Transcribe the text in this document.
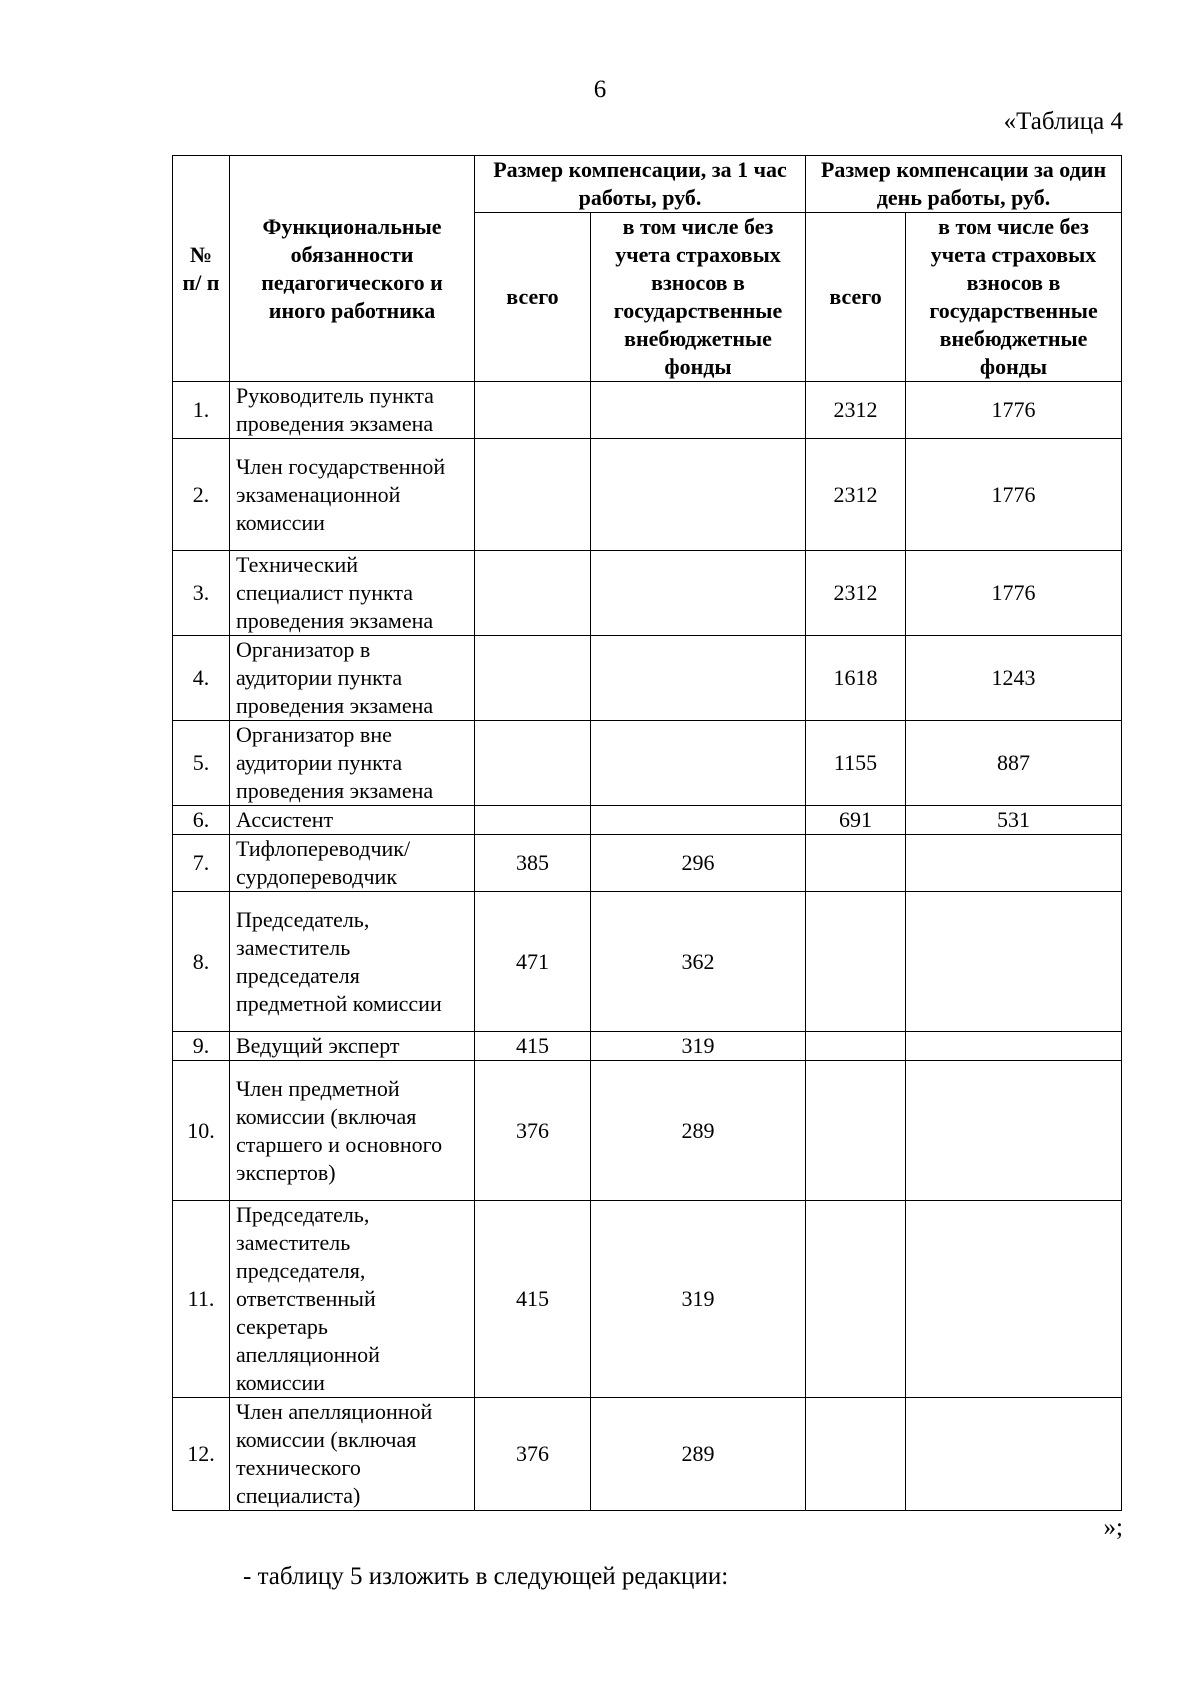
6
«Таблица 4
№ п/ п	Функциональные обязанности педагогического и иного работника	Размер компенсации, за 1 час работы, руб.		Размер компенсации за один день работы, руб.	
		всего	в том числе без учета страховых взносов в государственные внебюджетные фонды	всего	в том числе без учета страховых взносов в государственные внебюджетные фонды
1.	Руководитель пункта проведения экзамена			2312	1776
2.	Член государственной экзаменационной комиссии			2312	1776
3.	Технический специалист пункта проведения экзамена			2312	1776
4.	Организатор в аудитории пункта проведения экзамена			1618	1243
5.	Организатор вне аудитории пункта проведения экзамена			1155	887
6.	Ассистент			691	531
7.	Тифлопереводчик/ сурдопереводчик	385	296		
8.	Председатель, заместитель председателя предметной комиссии	471	362		
9.	Ведущий эксперт	415	319		
10.	Член предметной комиссии (включая старшего и основного экспертов)	376	289		
11.	Председатель, заместитель председателя, ответственный секретарь апелляционной комиссии	415	319		
12.	Член апелляционной комиссии (включая технического специалиста)	376	289		
»;
- таблицу 5 изложить в следующей редакции:
